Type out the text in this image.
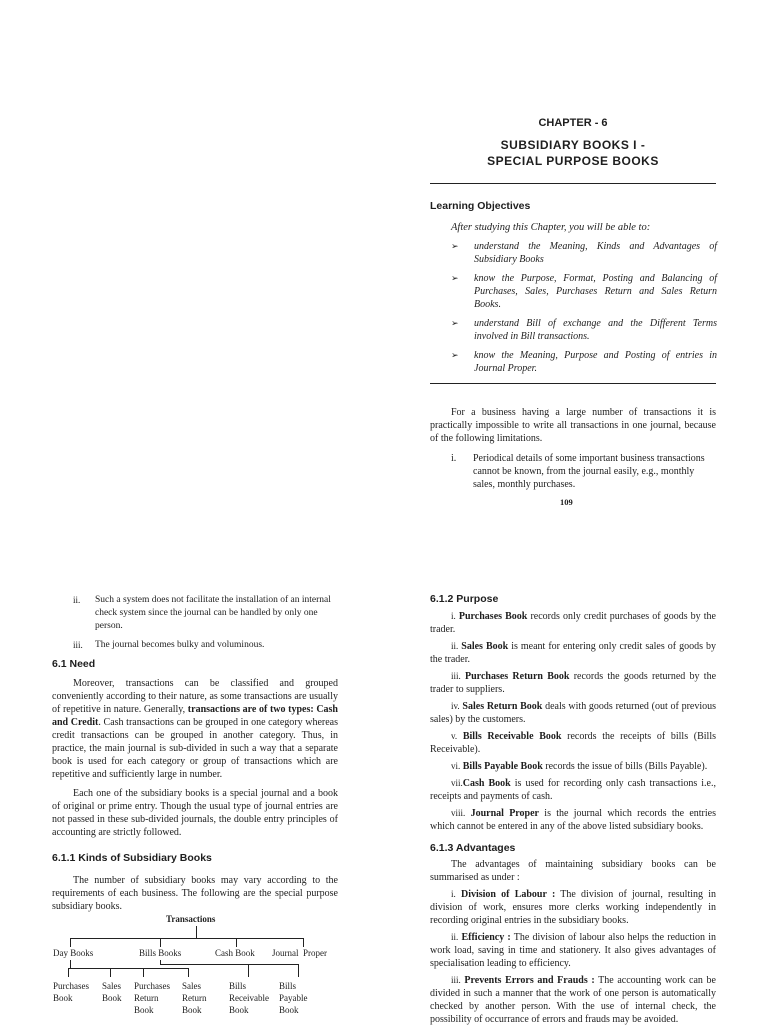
CHAPTER - 6
SUBSIDIARY BOOKS I -
SPECIAL PURPOSE BOOKS
Learning Objectives
After studying this Chapter, you will be able to:
➢ understand the Meaning, Kinds and Advantages of Subsidiary Books
➢ know the Purpose, Format, Posting and Balancing of Purchases, Sales, Purchases Return and Sales Return Books.
➢ understand Bill of exchange and the Different Terms involved in Bill transactions.
➢ know the Meaning, Purpose and Posting of entries in Journal Proper.

For a business having a large number of transactions it is practically impossible to write all transactions in one journal, because of the following limitations.

i. Periodical details of some important business transactions cannot be known, from the journal easily, e.g., monthly sales, monthly purchases.
109
ii. Such a system does not facilitate the installation of an internal check system since the journal can be handled by only one person.
iii. The journal becomes bulky and voluminous.
6.1 Need

Moreover, transactions can be classified and grouped conveniently according to their nature, as some transactions are usually of repetitive in nature. Generally, transactions are of two types: Cash and Credit. Cash transactions can be grouped in one category whereas credit transactions can be grouped in another category. Thus, in practice, the main journal is sub-divided in such a way that a separate book is used for each category or group of transactions which are repetitive and sufficiently large in number.

Each one of the subsidiary books is a special journal and a book of original or prime entry. Though the usual type of journal entries are not passed in these sub-divided journals, the double entry principles of accounting are strictly followed.

6.1.1 Kinds of Subsidiary Books

The number of subsidiary books may vary according to the requirements of each business. The following are the special purpose subsidiary books.

Transactions
Day Books	Bills Books	Cash Book Journal  Proper
Purchases
Book
Sales
Book
Purchases
Return
Book
Sales
Return
Book
Bills
Receivable
Book
Bills
Payable
Book
6.1.2 Purpose

i. Purchases Book records only credit purchases of goods by the trader.

ii. Sales Book is meant for entering only credit sales of goods by the trader.

iii. Purchases Return Book records the goods returned by the trader to suppliers.

iv. Sales Return Book deals with goods returned (out of previous sales) by the customers.

v. Bills Receivable Book records the receipts of bills (Bills Receivable).

vi. Bills Payable Book records the issue of bills (Bills Payable).

vii.Cash Book is used for recording only cash transactions i.e., receipts and payments of cash.

viii. Journal Proper is the journal which records the entries which cannot be entered in any of the above listed subsidiary books.

6.1.3 Advantages

The advantages of maintaining subsidiary books can be summarised as under :

i. Division of Labour : The division of journal, resulting in division of work, ensures more clerks working independently in recording original entries in the subsidiary books.

ii. Efficiency : The division of labour also helps the reduction in work load, saving in time and stationery. It also gives advantages of specialisation leading to efficiency.

iii. Prevents Errors and Frauds : The accounting work can be divided in such a manner that the work of one person is automatically checked by another person. With the use of internal check, the possibility of occurrance of errors and frauds may be avoided.
